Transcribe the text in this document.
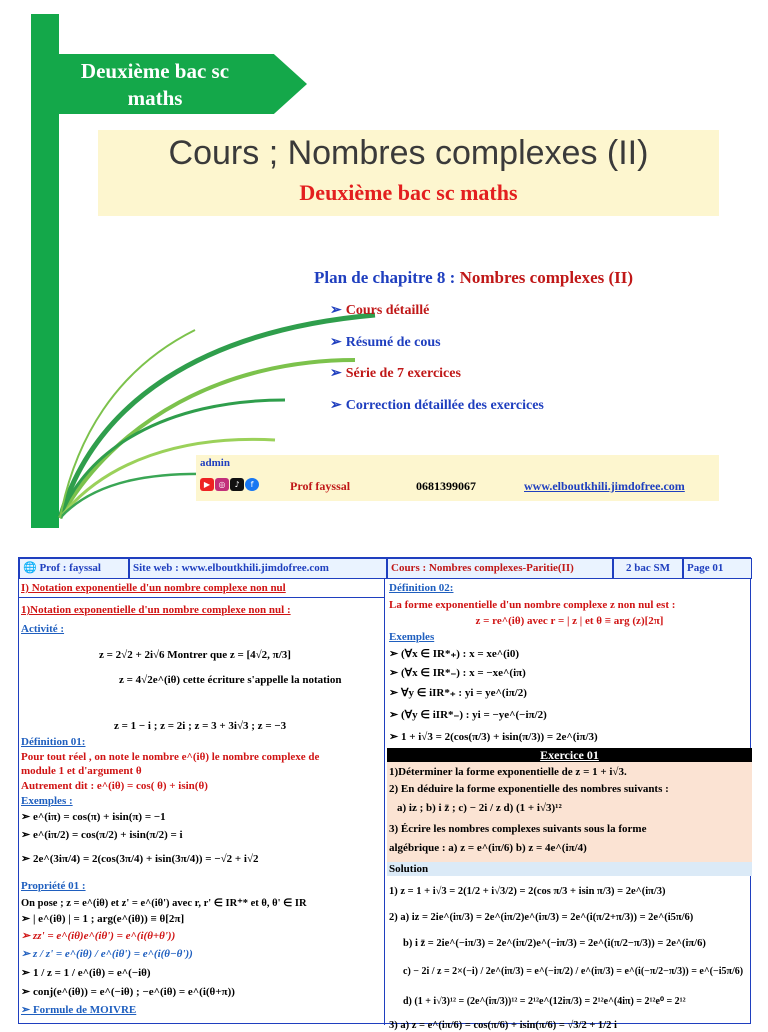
Deuxième bac sc
maths
Cours ; Nombres complexes (II)
Deuxième bac sc maths
Plan de chapitre 8 : Nombres complexes (II)
➢ Cours détaillé
➢ Résumé de cous
➢ Série de 7 exercices
➢ Correction détaillée des exercices
admin
▶	◎	♪	f	Prof fayssal	0681399067	www.elboutkhili.jimdofree.com
🌐 Prof : fayssal	Site web : www.elboutkhili.jimdofree.com	Cours : Nombres complexes-Paritie(II)	2 bac SM	Page 01
I) Notation exponentielle d'un nombre complexe non nul
1)Notation exponentielle d'un nombre complexe non nul :
Activité :
z = 2√2 + 2i√6 Montrer que z = [4√2, π/3]
z = 4√2e^(iθ) cette écriture s'appelle la notation
z = 1 − i ; z = 2i ; z = 3 + 3i√3 ; z = −3
Définition 01:
Pour tout réel , on note le nombre e^(iθ) le nombre complexe de
module 1 et d'argument θ
Autrement dit : e^(iθ) = cos( θ) + isin(θ)
Exemples :
➢ e^(iπ) = cos(π) + isin(π) = −1
➢ e^(iπ/2) = cos(π/2) + isin(π/2) = i
➢ 2e^(3iπ/4) = 2(cos(3π/4) + isin(3π/4)) = −√2 + i√2
Propriété 01 :
On pose ; z = e^(iθ) et z' = e^(iθ') avec r, r' ∈ IR⁺* et θ, θ' ∈ IR
➢ | e^(iθ) | = 1 ; arg(e^(iθ)) ≡ θ[2π]
➢ zz' = e^(iθ)e^(iθ') = e^(i(θ+θ'))
➢ z / z' = e^(iθ) / e^(iθ') = e^(i(θ−θ'))
➢ 1 / z = 1 / e^(iθ) = e^(−iθ)
➢ conj(e^(iθ)) = e^(−iθ) ; −e^(iθ) = e^(i(θ+π))
➢ Formule de MOIVRE
Définition 02:
La forme exponentielle d'un nombre complexe z non nul est :
z = re^(iθ) avec r = | z | et θ ≡ arg (z)[2π]
Exemples
➢ (∀x ∈ IR*₊) : x = xe^(i0)
➢ (∀x ∈ IR*₋) : x = −xe^(iπ)
➢ ∀y ∈ iIR*₊ : yi = ye^(iπ/2)
➢ (∀y ∈ iIR*₋) : yi = −ye^(−iπ/2)
➢ 1 + i√3 = 2(cos(π/3) + isin(π/3)) = 2e^(iπ/3)
Exercice 01
1)Déterminer la forme exponentielle de z = 1 + i√3.
2) En déduire la forme exponentielle des nombres suivants :
a) iz ; b) i z̄ ; c) − 2i / z d) (1 + i√3)¹²
3) Écrire les nombres complexes suivants sous la forme
algébrique : a) z = e^(iπ/6) b) z = 4e^(iπ/4)
Solution
1) z = 1 + i√3 = 2(1/2 + i√3/2) = 2(cos π/3 + isin π/3) = 2e^(iπ/3)
2) a) iz = 2ie^(iπ/3) = 2e^(iπ/2)e^(iπ/3) = 2e^(i(π/2+π/3)) = 2e^(i5π/6)
b) i z̄ = 2ie^(−iπ/3) = 2e^(iπ/2)e^(−iπ/3) = 2e^(i(π/2−π/3)) = 2e^(iπ/6)
c) − 2i / z = 2×(−i) / 2e^(iπ/3) = e^(−iπ/2) / e^(iπ/3) = e^(i(−π/2−π/3)) = e^(−i5π/6)
d) (1 + i√3)¹² = (2e^(iπ/3))¹² = 2¹²e^(12iπ/3) = 2¹²e^(4iπ) = 2¹²e⁰ = 2¹²
3) a) z = e^(iπ/6) = cos(π/6) + isin(π/6) = √3/2 + 1/2 i
